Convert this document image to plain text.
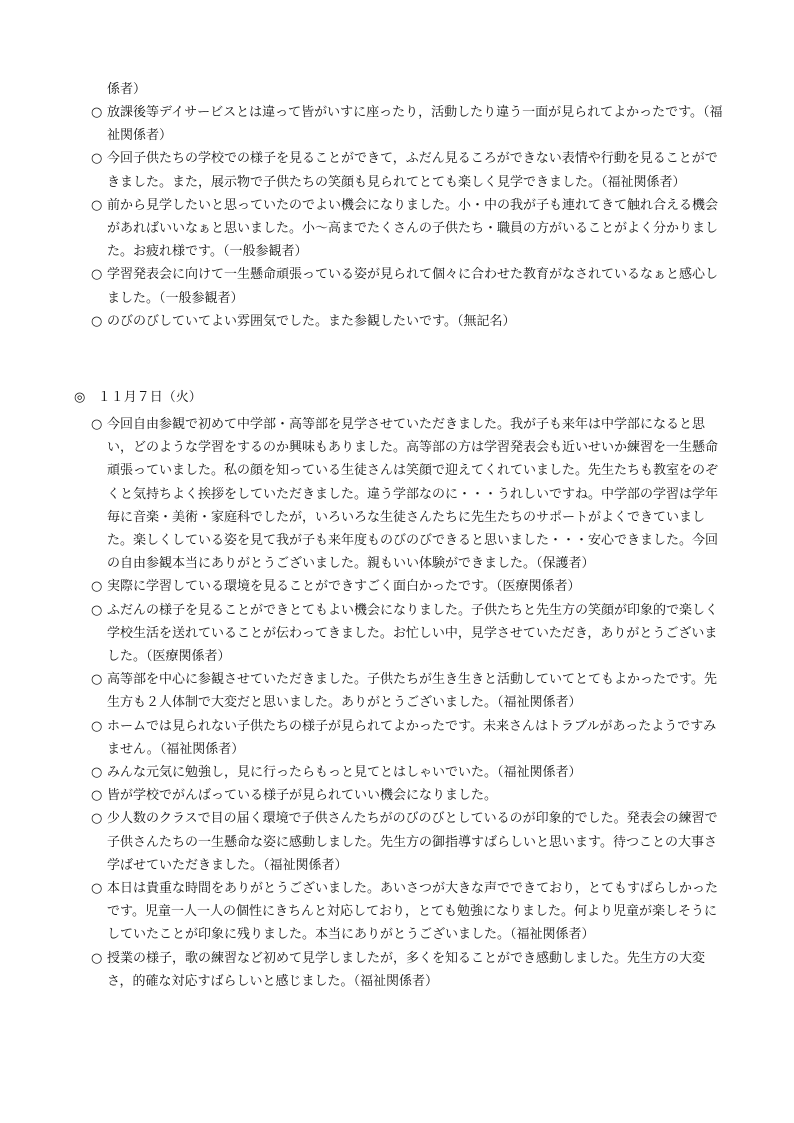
係者）

○ 放課後等デイサービスとは違って皆がいすに座ったり，活動したり違う一面が見られてよかったです。（福祉関係者）
○ 今回子供たちの学校での様子を見ることができて，ふだん見るころができない表情や行動を見ることができました。また，展示物で子供たちの笑顔も見られてとても楽しく見学できました。（福祉関係者）
○ 前から見学したいと思っていたのでよい機会になりました。小・中の我が子も連れてきて触れ合える機会があればいいなぁと思いました。小～高までたくさんの子供たち・職員の方がいることがよく分かりました。お疲れ様です。（一般参観者）
○ 学習発表会に向けて一生懸命頑張っている姿が見られて個々に合わせた教育がなされているなぁと感心しました。（一般参観者）
○ のびのびしていてよい雰囲気でした。また参観したいです。（無記名）

◎ １１月７日（火）

○ 今回自由参観で初めて中学部・高等部を見学させていただきました。我が子も来年は中学部になると思い，どのような学習をするのか興味もありました。高等部の方は学習発表会も近いせいか練習を一生懸命頑張っていました。私の顔を知っている生徒さんは笑顔で迎えてくれていました。先生たちも教室をのぞくと気持ちよく挨拶をしていただきました。違う学部なのに・・・うれしいですね。中学部の学習は学年毎に音楽・美術・家庭科でしたが，いろいろな生徒さんたちに先生たちのサポートがよくできていました。楽しくしている姿を見て我が子も来年度ものびのびできると思いました・・・安心できました。今回の自由参観本当にありがとうございました。親もいい体験ができました。（保護者）
○ 実際に学習している環境を見ることができすごく面白かったです。（医療関係者）
○ ふだんの様子を見ることができとてもよい機会になりました。子供たちと先生方の笑顔が印象的で楽しく学校生活を送れていることが伝わってきました。お忙しい中，見学させていただき，ありがとうございました。（医療関係者）
○ 高等部を中心に参観させていただきました。子供たちが生き生きと活動していてとてもよかったです。先生方も２人体制で大変だと思いました。ありがとうございました。（福祉関係者）
○ ホームでは見られない子供たちの様子が見られてよかったです。未来さんはトラブルがあったようですみません。（福祉関係者）
○ みんな元気に勉強し，見に行ったらもっと見てとはしゃいでいた。（福祉関係者）
○ 皆が学校でがんばっている様子が見られていい機会になりました。
○ 少人数のクラスで目の届く環境で子供さんたちがのびのびとしているのが印象的でした。発表会の練習で子供さんたちの一生懸命な姿に感動しました。先生方の御指導すばらしいと思います。待つことの大事さ学ばせていただきました。（福祉関係者）
○ 本日は貴重な時間をありがとうございました。あいさつが大きな声でできており，とてもすばらしかったです。児童一人一人の個性にきちんと対応しており，とても勉強になりました。何より児童が楽しそうにしていたことが印象に残りました。本当にありがとうございました。（福祉関係者）
○ 授業の様子，歌の練習など初めて見学しましたが，多くを知ることができ感動しました。先生方の大変さ，的確な対応すばらしいと感じました。（福祉関係者）
